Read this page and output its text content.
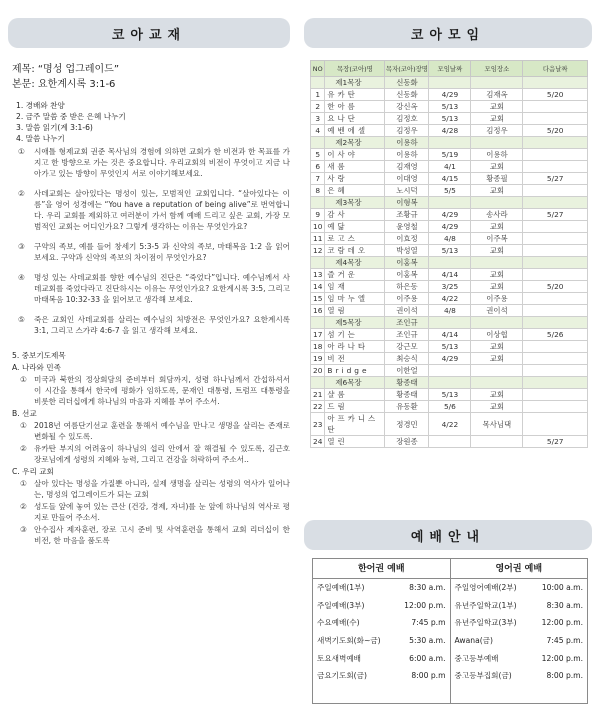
코아교재	코아모임
제목: “명성 업그레이드”
본문: 요한계시록 3:1-6
1. 경배와 찬양
2. 금주 말씀 중 받은 은혜 나누기
3. 말씀 읽기(계 3:1-6)
4. 말씀 나누기
①	시애틀 형제교회 권준 목사님의 경험에 의하면 교회가 한 비전과 한 목표를 가지고 한 방향으로 가는 것은 중요합니다. 우리교회의 비전이 무엇이고 지금 나아가고 있는 방향이 무엇인지 서로 이야기해보세요.
②	사데교회는 살아있다는 명성이 있는, 모범적인 교회입니다. “살아있다는 이름”을 영어 성경에는 “You have a reputation of being alive”로 번역합니다. 우리 교회를 제외하고 여러분이 가서 함께 예배 드리고 싶은 교회, 가장 모범적인 교회는 어디인가요? 그렇게 생각하는 이유는 무엇인가요?
③	구약의 족보, 예를 들어 창세기 5:3-5 과 신약의 족보, 마태복음 1:2 을 읽어보세요. 구약과 신약의 족보의 차이점이 무엇인가요?
④	명성 있는 사데교회를 향한 예수님의 진단은 “죽었다”입니다. 예수님께서 사데교회를 죽었다라고 진단하시는 이유는 무엇인가요? 요한계시록 3:5, 그리고 마태복음 10:32-33 을 읽어보고 생각해 보세요.
⑤	죽은 교회인 사데교회를 살리는 예수님의 처방전은 무엇인가요? 요한계시록 3:1, 그리고 스가랴 4:6-7 을 읽고 생각해 보세요.
5. 중보기도제목
A. 나라와 민족
① 미국과 북한의 정상회담의 준비부터 회담까지, 성령 하나님께서 간섭하셔서 이 시간을 통해서 한국에 평화가 임하도록, 문재인 대통령, 트럼프 대통령을 비롯한 리더십에게 하나님의 마음과 지혜를 부어 주소서.
B. 선교
① 2018년 여름단기선교 훈련을 통해서 예수님을 만나고 생명을 살리는 존재로 변화될 수 있도록.
② 유카탄 부지의 어려움이 하나님의 섭리 안에서 잘 해결될 수 있도록, 김근호 장로님에게 성령의 지혜와 능력, 그리고 건강을 허락하여 주소서..
C. 우리 교회
① 살아 있다는 명성을 가질뿐 아니라, 실제 생명을 살리는 성령의 역사가 일어나는, 명성의 업그레이드가 되는 교회
② 성도들 앞에 놓여 있는 큰산 (건강, 경제, 자녀)를 눈 앞에 하나님의 역사로 평지로 만들어 주소서.
③ 안수집사 제자훈련, 장로 고시 준비 및 사역훈련을 통해서 교회 리더십이 한 비전, 한 마음을 품도록
NO	목장(코아)명	목자(코아)장명	모임날짜	모임장소	다음날짜
	제1목장	신동화			
1	유카탄	신동화	4/29	김재옥	5/20
2	한아름	강신옥	5/13	교회	
3	요나단	김정호	5/13	교회	
4	예벤에셀	김정우	4/28	김정우	5/20
	제2목장	이용하			
5	이사야	이용하	5/19	이용하	
6	새롬	김재영	4/1	교회	
7	사랑	이대영	4/15	황종필	5/27
8	은혜	노시덕	5/5	교회	
	제3목장	이형복			
9	감사	조황규	4/29	송사라	5/27
10	예닮	윤영철	4/29	교회	
11	로고스	이효정	4/8	이주복	
12	코람데오	박성열	5/13	교회	
	제4목장	이홍복			
13	즐거운	이홍복	4/14	교회	
14	임재	하은동	3/25	교회	5/20
15	임마누엘	이주용	4/22	이주용	
16	열림	권이석	4/8	권이석	
	제5목장	조인규			
17	섬기는	조인규	4/14	이상협	5/26
18	아라나타	강근모	5/13	교회	
19	비전	최승식	4/29	교회	
20	Bridge	이한얼			
	제6목장	황종태			
21	샬롬	황종태	5/13	교회	
22	드림	유동환	5/6	교회	
23	아프카니스탄	정경민	4/22	목사님댁	
24	열린	장원종			5/27
예배안내
한어권 예배
주일예배(1부)	8:30 a.m.
주일예배(3부)	12:00 p.m.
수요예배(수)	7:45 p.m
새벽기도회(화~금)	5:30 a.m.
토요새벽예배	6:00 a.m.
금요기도회(금)	8:00 p.m
영어권 예배
주일영어예배(2부)	10:00 a.m.
유년주일학교(1부)	8:30 a.m.
유년주일학교(3부)	12:00 p.m.
Awana(금)	7:45 p.m.
중고등부예배	12:00 p.m.
중고등부집회(금)	8:00 p.m.
